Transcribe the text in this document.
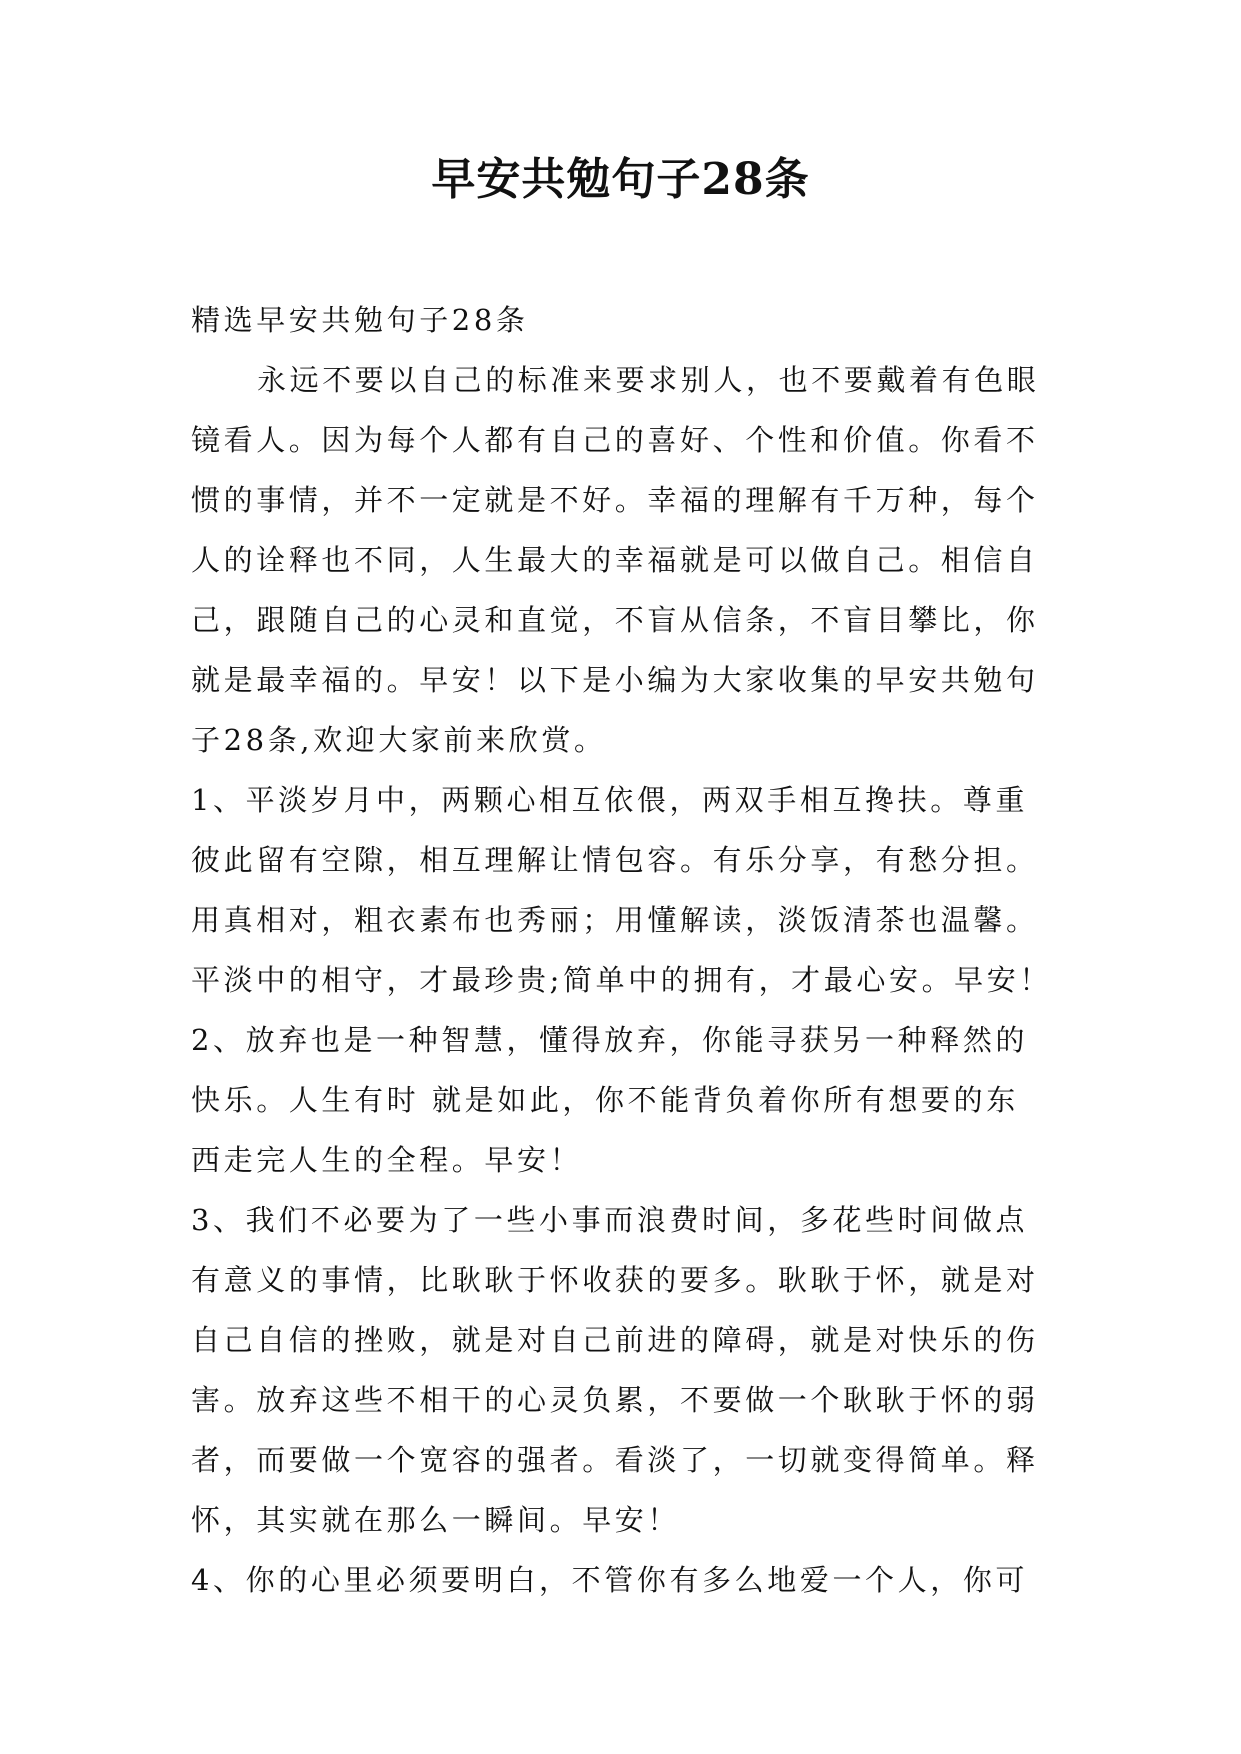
早安共勉句子28条
精选早安共勉句子28条
永远不要以自己的标准来要求别人，也不要戴着有色眼
镜看人。因为每个人都有自己的喜好、个性和价值。你看不
惯的事情，并不一定就是不好。幸福的理解有千万种，每个
人的诠释也不同，人生最大的幸福就是可以做自己。相信自
己，跟随自己的心灵和直觉，不盲从信条，不盲目攀比，你
就是最幸福的。早安！以下是小编为大家收集的早安共勉句
子28条,欢迎大家前来欣赏。
1、平淡岁月中，两颗心相互依偎，两双手相互搀扶。尊重
彼此留有空隙，相互理解让情包容。有乐分享，有愁分担。
用真相对，粗衣素布也秀丽；用懂解读，淡饭清茶也温馨。
平淡中的相守，才最珍贵;简单中的拥有，才最心安。早安！
2、放弃也是一种智慧，懂得放弃，你能寻获另一种释然的
快乐。人生有时 就是如此，你不能背负着你所有想要的东
西走完人生的全程。早安！
3、我们不必要为了一些小事而浪费时间，多花些时间做点
有意义的事情，比耿耿于怀收获的要多。耿耿于怀，就是对
自己自信的挫败，就是对自己前进的障碍，就是对快乐的伤
害。放弃这些不相干的心灵负累，不要做一个耿耿于怀的弱
者，而要做一个宽容的强者。看淡了，一切就变得简单。释
怀，其实就在那么一瞬间。早安！
4、你的心里必须要明白，不管你有多么地爱一个人，你可
